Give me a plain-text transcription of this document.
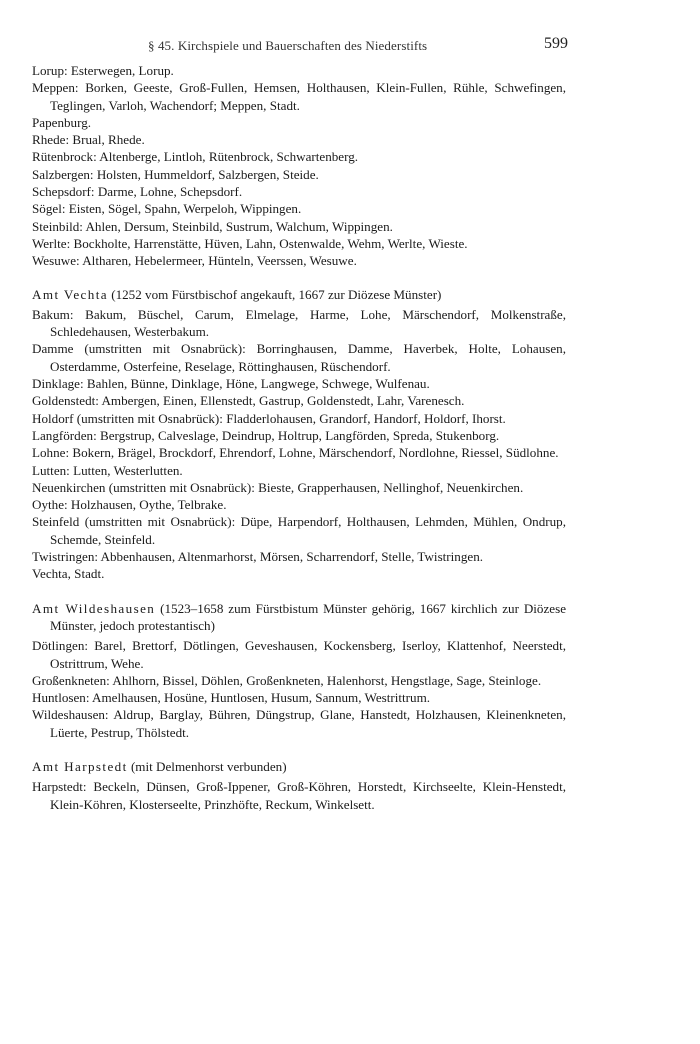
§ 45. Kirchspiele und Bauerschaften des Niederstifts	599
Lorup: Esterwegen, Lorup.
Meppen: Borken, Geeste, Groß-Fullen, Hemsen, Holthausen, Klein-Fullen, Rühle, Schwefingen, Teglingen, Varloh, Wachendorf; Meppen, Stadt.
Papenburg.
Rhede: Brual, Rhede.
Rütenbrock: Altenberge, Lintloh, Rütenbrock, Schwartenberg.
Salzbergen: Holsten, Hummeldorf, Salzbergen, Steide.
Schepsdorf: Darme, Lohne, Schepsdorf.
Sögel: Eisten, Sögel, Spahn, Werpeloh, Wippingen.
Steinbild: Ahlen, Dersum, Steinbild, Sustrum, Walchum, Wippingen.
Werlte: Bockholte, Harrenstätte, Hüven, Lahn, Ostenwalde, Wehm, Werlte, Wieste.
Wesuwe: Altharen, Hebelermeer, Hünteln, Veerssen, Wesuwe.
Amt Vechta (1252 vom Fürstbischof angekauft, 1667 zur Diözese Münster)
Bakum: Bakum, Büschel, Carum, Elmelage, Harme, Lohe, Märschendorf, Molkenstraße, Schledehausen, Westerbakum.
Damme (umstritten mit Osnabrück): Borringhausen, Damme, Haverbek, Holte, Lohausen, Osterdamme, Osterfeine, Reselage, Röttinghausen, Rüschendorf.
Dinklage: Bahlen, Bünne, Dinklage, Höne, Langwege, Schwege, Wulfenau.
Goldenstedt: Ambergen, Einen, Ellenstedt, Gastrup, Goldenstedt, Lahr, Varenesch.
Holdorf (umstritten mit Osnabrück): Fladderlohausen, Grandorf, Handorf, Holdorf, Ihorst.
Langförden: Bergstrup, Calveslage, Deindrup, Holtrup, Langförden, Spreda, Stukenborg.
Lohne: Bokern, Brägel, Brockdorf, Ehrendorf, Lohne, Märschendorf, Nordlohne, Riessel, Südlohne.
Lutten: Lutten, Westerlutten.
Neuenkirchen (umstritten mit Osnabrück): Bieste, Grapperhausen, Nellinghof, Neuenkirchen.
Oythe: Holzhausen, Oythe, Telbrake.
Steinfeld (umstritten mit Osnabrück): Düpe, Harpendorf, Holthausen, Lehmden, Mühlen, Ondrup, Schemde, Steinfeld.
Twistringen: Abbenhausen, Altenmarhorst, Mörsen, Scharrendorf, Stelle, Twistringen.
Vechta, Stadt.
Amt Wildeshausen (1523–1658 zum Fürstbistum Münster gehörig, 1667 kirchlich zur Diözese Münster, jedoch protestantisch)
Dötlingen: Barel, Brettorf, Dötlingen, Geveshausen, Kockensberg, Iserloy, Klattenhof, Neerstedt, Ostrittrum, Wehe.
Großenkneten: Ahlhorn, Bissel, Döhlen, Großenkneten, Halenhorst, Hengstlage, Sage, Steinloge.
Huntlosen: Amelhausen, Hosüne, Huntlosen, Husum, Sannum, Westrittrum.
Wildeshausen: Aldrup, Barglay, Bühren, Düngstrup, Glane, Hanstedt, Holzhausen, Kleinenkneten, Lüerte, Pestrup, Thölstedt.
Amt Harpstedt (mit Delmenhorst verbunden)
Harpstedt: Beckeln, Dünsen, Groß-Ippener, Groß-Köhren, Horstedt, Kirchseelte, Klein-Henstedt, Klein-Köhren, Klosterseelte, Prinzhöfte, Reckum, Winkelsett.
